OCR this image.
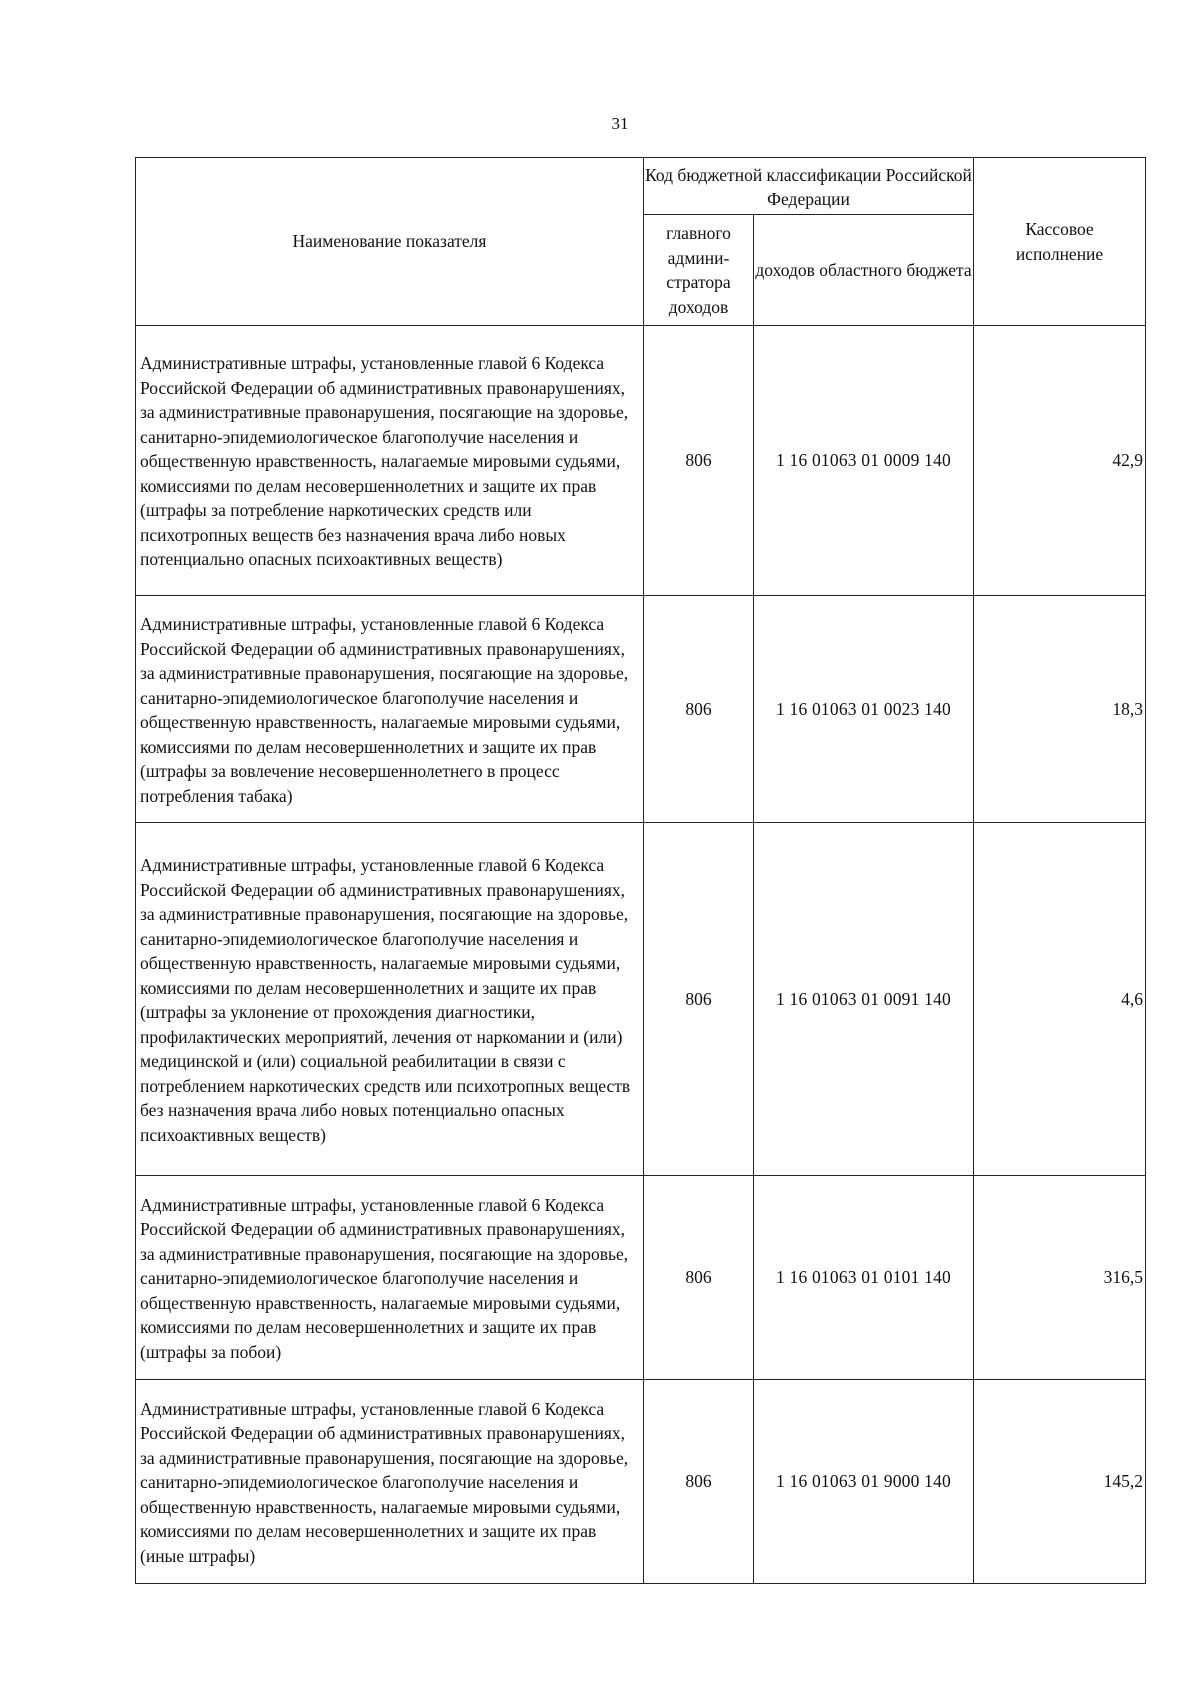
31
Наименование показателя	Код бюджетной классификации Российской Федерации		Кассовое исполнение
	главного админи-стратора доходов	доходов областного бюджета	
Административные штрафы, установленные главой 6 Кодекса Российской Федерации об административных правонарушениях, за административные правонарушения, посягающие на здоровье, санитарно-эпидемиологическое благополучие населения и общественную нравственность, налагаемые мировыми судьями, комиссиями по делам несовершеннолетних и защите их прав (штрафы за потребление наркотических средств или психотропных веществ без назначения врача либо новых потенциально опасных психоактивных веществ)	806	1 16 01063 01 0009 140	42,9
Административные штрафы, установленные главой 6 Кодекса Российской Федерации об административных правонарушениях, за административные правонарушения, посягающие на здоровье, санитарно-эпидемиологическое благополучие населения и общественную нравственность, налагаемые мировыми судьями, комиссиями по делам несовершеннолетних и защите их прав (штрафы за вовлечение несовершеннолетнего в процесс потребления табака)	806	1 16 01063 01 0023 140	18,3
Административные штрафы, установленные главой 6 Кодекса Российской Федерации об административных правонарушениях, за административные правонарушения, посягающие на здоровье, санитарно-эпидемиологическое благополучие населения и общественную нравственность, налагаемые мировыми судьями, комиссиями по делам несовершеннолетних и защите их прав (штрафы за уклонение от прохождения диагностики, профилактических мероприятий, лечения от наркомании и (или) медицинской и (или) социальной реабилитации в связи с потреблением наркотических средств или психотропных веществ без назначения врача либо новых потенциально опасных психоактивных веществ)	806	1 16 01063 01 0091 140	4,6
Административные штрафы, установленные главой 6 Кодекса Российской Федерации об административных правонарушениях, за административные правонарушения, посягающие на здоровье, санитарно-эпидемиологическое благополучие населения и общественную нравственность, налагаемые мировыми судьями, комиссиями по делам несовершеннолетних и защите их прав (штрафы за побои)	806	1 16 01063 01 0101 140	316,5
Административные штрафы, установленные главой 6 Кодекса Российской Федерации об административных правонарушениях, за административные правонарушения, посягающие на здоровье, санитарно-эпидемиологическое благополучие населения и общественную нравственность, налагаемые мировыми судьями, комиссиями по делам несовершеннолетних и защите их прав (иные штрафы)	806	1 16 01063 01 9000 140	145,2
